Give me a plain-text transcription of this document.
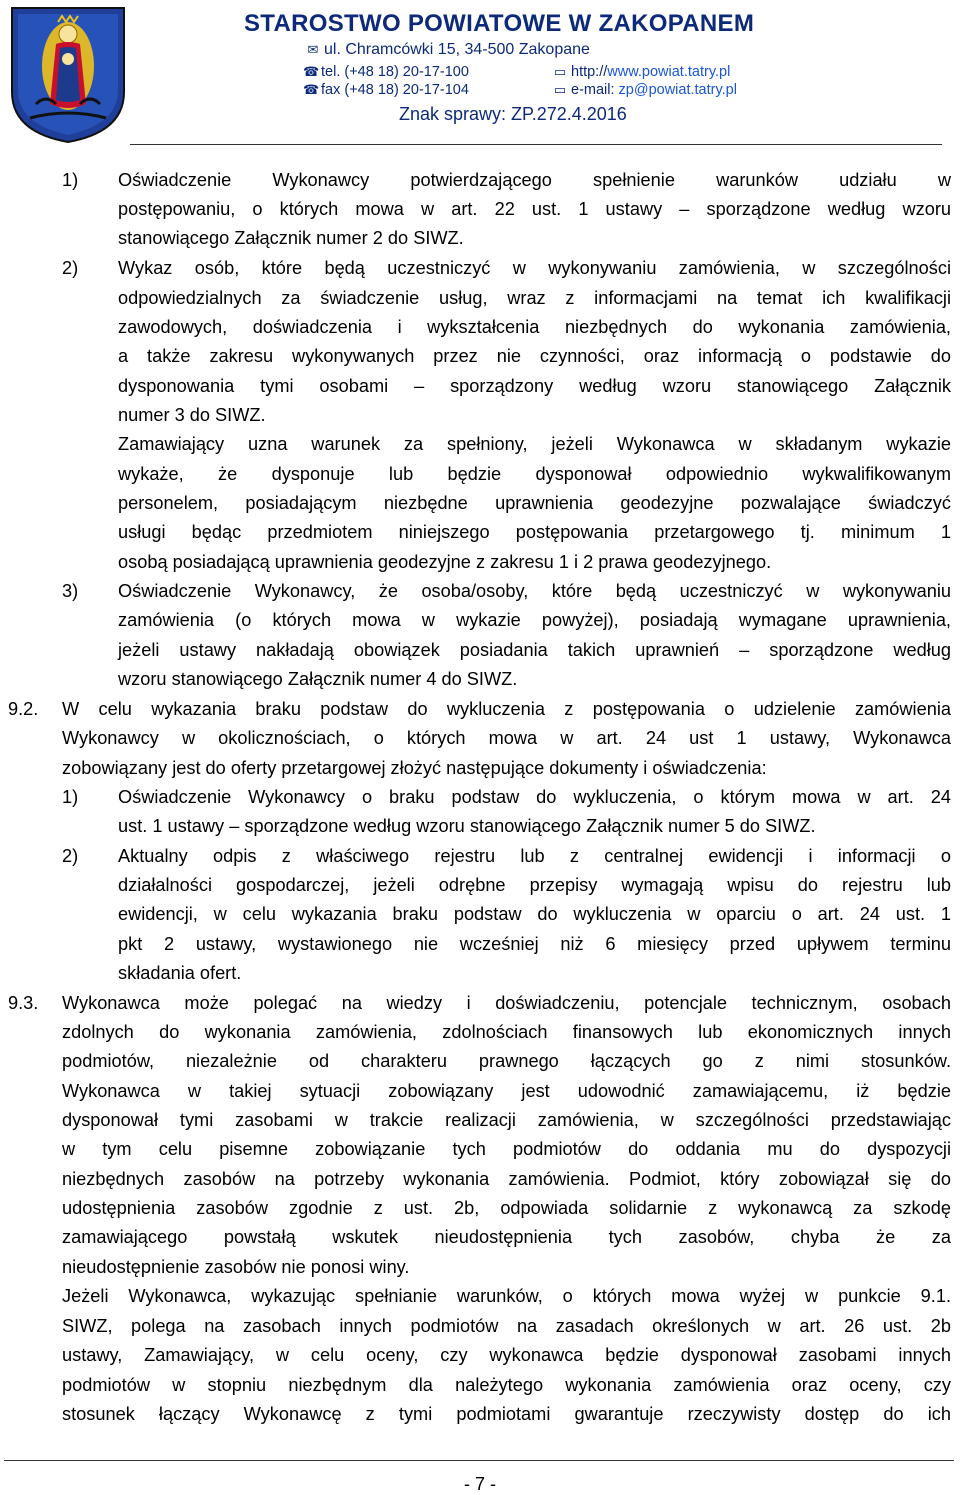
STAROSTWO POWIATOWE W ZAKOPANEM
✉ ul. Chramcówki 15, 34-500 Zakopane
☎ tel. (+48 18) 20-17-100
☎ fax (+48 18) 20-17-104
▭ http://www.powiat.tatry.pl
▭ e-mail: zp@powiat.tatry.pl
Znak sprawy: ZP.272.4.2016
1) Oświadczenie Wykonawcy potwierdzającego spełnienie warunków udziału w
postępowaniu, o których mowa w art. 22 ust. 1 ustawy – sporządzone według wzoru
stanowiącego Załącznik numer 2 do SIWZ.
2) Wykaz osób, które będą uczestniczyć w wykonywaniu zamówienia, w szczególności
odpowiedzialnych za świadczenie usług, wraz z informacjami na temat ich kwalifikacji
zawodowych, doświadczenia i wykształcenia niezbędnych do wykonania zamówienia,
a także zakresu wykonywanych przez nie czynności, oraz informacją o podstawie do
dysponowania tymi osobami – sporządzony według wzoru stanowiącego Załącznik
numer 3 do SIWZ.
Zamawiający uzna warunek za spełniony, jeżeli Wykonawca w składanym wykazie
wykaże, że dysponuje lub będzie dysponował odpowiednio wykwalifikowanym
personelem, posiadającym niezbędne uprawnienia geodezyjne pozwalające świadczyć
usługi będąc przedmiotem niniejszego postępowania przetargowego tj. minimum 1
osobą posiadającą uprawnienia geodezyjne z zakresu 1 i 2 prawa geodezyjnego.
3) Oświadczenie Wykonawcy, że osoba/osoby, które będą uczestniczyć w wykonywaniu
zamówienia (o których mowa w wykazie powyżej), posiadają wymagane uprawnienia,
jeżeli ustawy nakładają obowiązek posiadania takich uprawnień – sporządzone według
wzoru stanowiącego Załącznik numer 4 do SIWZ.
9.2. W celu wykazania braku podstaw do wykluczenia z postępowania o udzielenie zamówienia
Wykonawcy w okolicznościach, o których mowa w art. 24 ust 1 ustawy, Wykonawca
zobowiązany jest do oferty przetargowej złożyć następujące dokumenty i oświadczenia:
1) Oświadczenie Wykonawcy o braku podstaw do wykluczenia, o którym mowa w art. 24
ust. 1 ustawy – sporządzone według wzoru stanowiącego Załącznik numer 5 do SIWZ.
2) Aktualny odpis z właściwego rejestru lub z centralnej ewidencji i informacji o
działalności gospodarczej, jeżeli odrębne przepisy wymagają wpisu do rejestru lub
ewidencji, w celu wykazania braku podstaw do wykluczenia w oparciu o art. 24 ust. 1
pkt 2 ustawy, wystawionego nie wcześniej niż 6 miesięcy przed upływem terminu
składania ofert.
9.3. Wykonawca może polegać na wiedzy i doświadczeniu, potencjale technicznym, osobach
zdolnych do wykonania zamówienia, zdolnościach finansowych lub ekonomicznych innych
podmiotów, niezależnie od charakteru prawnego łączących go z nimi stosunków.
Wykonawca w takiej sytuacji zobowiązany jest udowodnić zamawiającemu, iż będzie
dysponował tymi zasobami w trakcie realizacji zamówienia, w szczególności przedstawiając
w tym celu pisemne zobowiązanie tych podmiotów do oddania mu do dyspozycji
niezbędnych zasobów na potrzeby wykonania zamówienia. Podmiot, który zobowiązał się do
udostępnienia zasobów zgodnie z ust. 2b, odpowiada solidarnie z wykonawcą za szkodę
zamawiającego powstałą wskutek nieudostępnienia tych zasobów, chyba że za
nieudostępnienie zasobów nie ponosi winy.
Jeżeli Wykonawca, wykazując spełnianie warunków, o których mowa wyżej w punkcie 9.1.
SIWZ, polega na zasobach innych podmiotów na zasadach określonych w art. 26 ust. 2b
ustawy, Zamawiający, w celu oceny, czy wykonawca będzie dysponował zasobami innych
podmiotów w stopniu niezbędnym dla należytego wykonania zamówienia oraz oceny, czy
stosunek łączący Wykonawcę z tymi podmiotami gwarantuje rzeczywisty dostęp do ich
- 7 -
